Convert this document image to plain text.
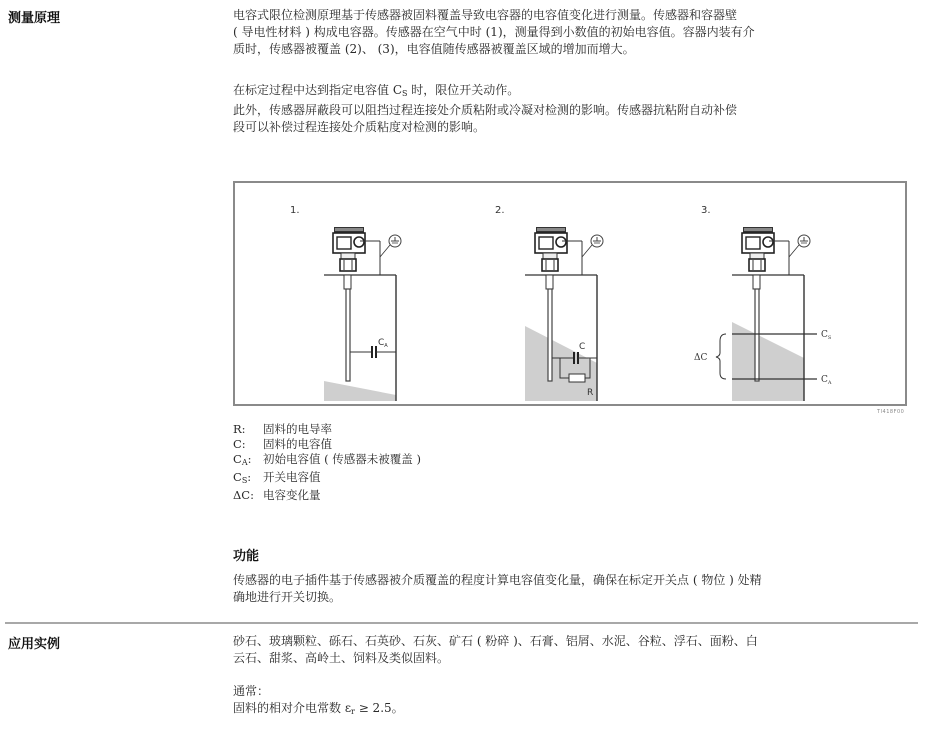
测量原理	电容式限位检测原理基于传感器被固料覆盖导致电容器的电容值变化进行测量。传感器和容器壁
( 导电性材料 ) 构成电容器。传感器在空气中时 (1)，测量得到小数值的初始电容值。容器内装有介
质时，传感器被覆盖 (2)、 (3)，电容值随传感器被覆盖区域的增加而增大。
在标定过程中达到指定电容值 $C_S$ 时，限位开关动作。
此外，传感器屏蔽段可以阻挡过程连接处介质粘附或冷凝对检测的影响。传感器抗粘附自动补偿
段可以补偿过程连接处介质粘度对检测的影响。
1.
$C_A$
2.
C
R
3.
$C_S$
$C_A$
ΔC
TI418F00
R:	固料的电导率
C:	固料的电容值
$C_A$:	初始电容值 ( 传感器未被覆盖 )
$C_S$:	开关电容值
ΔC: 电容变化量
功能
传感器的电子插件基于传感器被介质覆盖的程度计算电容值变化量，确保在标定开关点 ( 物位 ) 处精
确地进行开关切换。
应用实例	砂石、玻璃颗粒、砾石、石英砂、石灰、矿石 ( 粉碎 )、石膏、铝屑、水泥、谷粒、浮石、面粉、白
云石、甜浆、高岭土、饲料及类似固料。
通常：
固料的相对介电常数 $\varepsilon_r \ge 2.5$。
